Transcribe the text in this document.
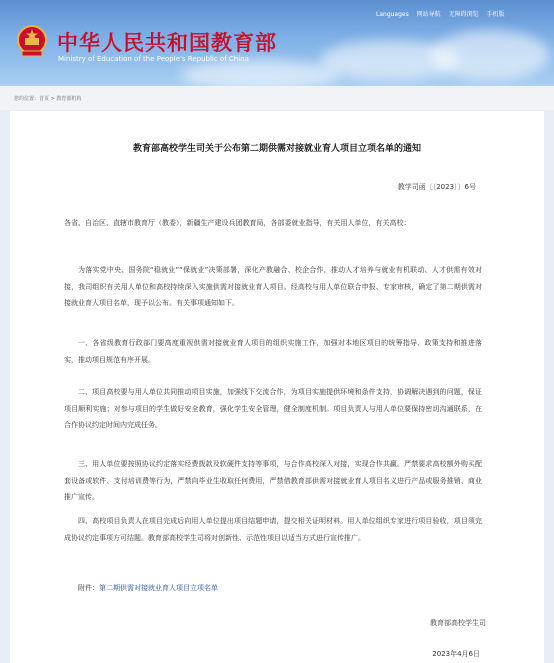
Languages 网站导航 无障碍浏览 手机版
中华人民共和国教育部
Ministry of Education of the People's Republic of China
您的位置：首页 > 教育部机构
教育部高校学生司关于公布第二期供需对接就业育人项目立项名单的通知
教学司函〔〔2023〕〕6号
各省、自治区、直辖市教育厅（教委），新疆生产建设兵团教育局，各部委就业指导，有关用人单位，有关高校：
为落实党中央、国务院“稳就业”“保就业”决策部署，深化产教融合、校企合作，推动人才培养与就业有机联动、人才供需有效对接，我司组织有关用人单位和高校持续深入实施供需对接就业育人项目。经高校与用人单位联合申报、专家审核，确定了第二期供需对接就业育人项目名单，现予以公布。有关事项通知如下。
一、各省级教育行政部门要高度重视供需对接就业育人项目的组织实施工作，加强对本地区项目的统筹指导、政策支持和推进落实，推动项目规范有序开展。
二、项目高校要与用人单位共同推动项目实施，加强线下交流合作，为项目实施提供环境和条件支持，协调解决遇到的问题，保证项目顺利实施；对参与项目的学生做好安全教育，强化学生安全管理，健全制度机制。项目负责人与用人单位要保持密切沟通联系，在合作协议约定时间内完成任务。
三、用人单位要按照协议约定落实经费拨款及软硬件支持等事项，与合作高校深入对接，实现合作共赢。严禁要求高校额外购买配套设备或软件、支付培训费等行为，严禁向毕业生收取任何费用，严禁借教育部供需对接就业育人项目名义进行产品或服务推销、商业推广宣传。
四、高校项目负责人在项目完成后向用人单位提出项目结题申请，提交相关证明材料。用人单位组织专家进行项目验收，项目须完成协议约定事项方可结题。教育部高校学生司将对创新性、示范性项目以适当方式进行宣传推广。
附件：第二期供需对接就业育人项目立项名单
教育部高校学生司
2023年4月6日
